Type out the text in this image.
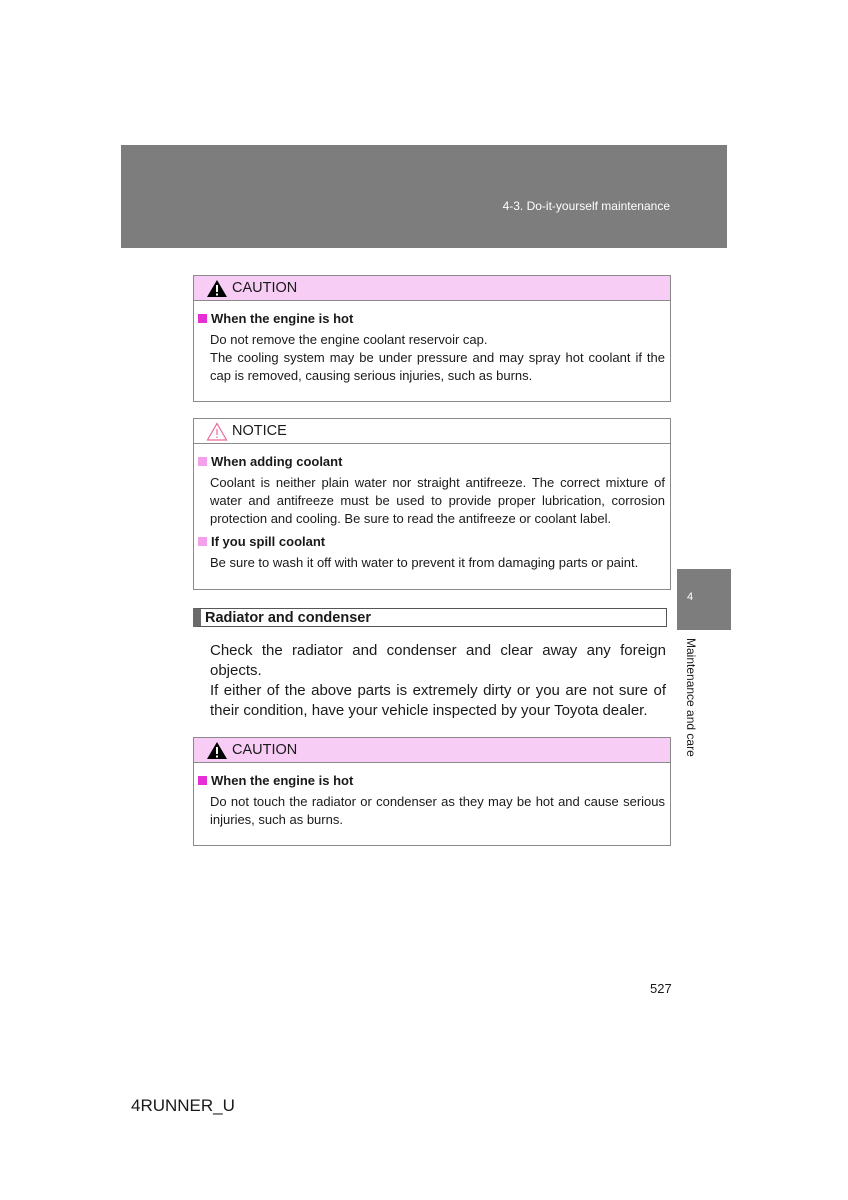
4-3. Do-it-yourself maintenance
4
Maintenance and care
CAUTION
When the engine is hot
Do not remove the engine coolant reservoir cap.
The cooling system may be under pressure and may spray hot coolant if the cap is removed, causing serious injuries, such as burns.
NOTICE
When adding coolant
Coolant is neither plain water nor straight antifreeze. The correct mixture of water and antifreeze must be used to provide proper lubrication, corrosion protection and cooling. Be sure to read the antifreeze or coolant label.
If you spill coolant
Be sure to wash it off with water to prevent it from damaging parts or paint.
Radiator and condenser
Check the radiator and condenser and clear away any foreign objects.
If either of the above parts is extremely dirty or you are not sure of their condition, have your vehicle inspected by your Toyota dealer.
CAUTION
When the engine is hot
Do not touch the radiator or condenser as they may be hot and cause serious injuries, such as burns.
527
4RUNNER_U
